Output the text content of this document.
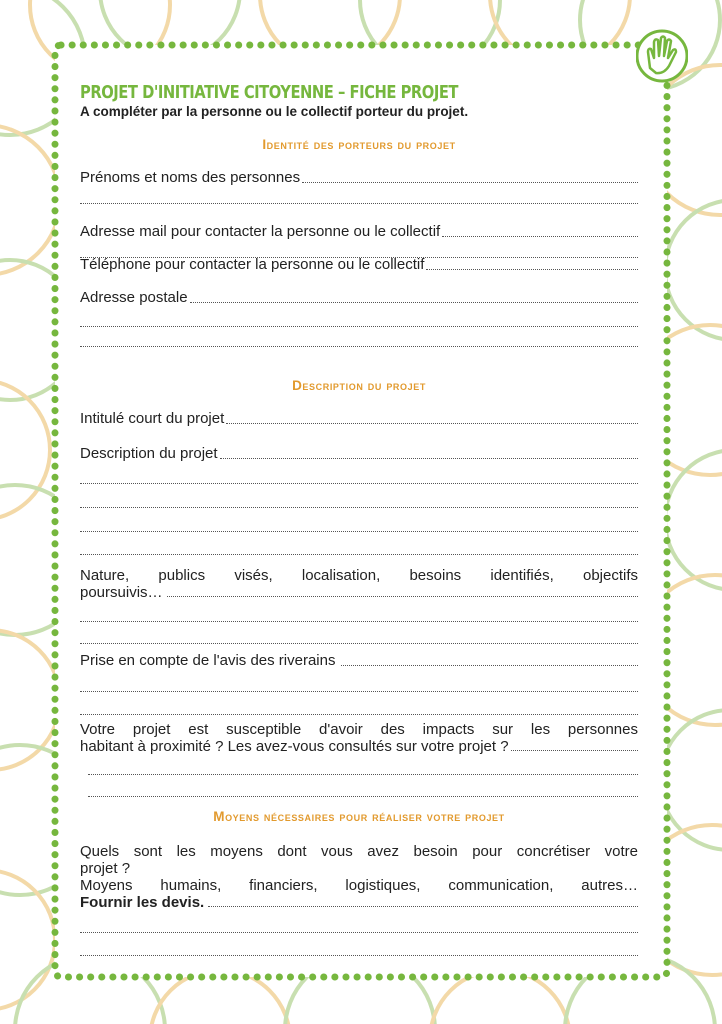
PROJET D'INITIATIVE CITOYENNE – FICHE PROJET
A compléter par la personne ou le collectif porteur du projet.
Identité des porteurs du projet
Prénoms et noms des personnes
Adresse mail pour contacter la personne ou le collectif
Téléphone pour contacter la personne ou le collectif
Adresse postale
Description du projet
Intitulé court du projet
Description du projet
Nature, publics visés, localisation, besoins identifiés, objectifs
poursuivis…
Prise en compte de l'avis des riverains
Votre projet est susceptible d'avoir des impacts sur les personnes
habitant à proximité ? Les avez-vous consultés sur votre projet ?
Moyens nécessaires pour réaliser votre projet
Quels sont les moyens dont vous avez besoin pour concrétiser votre
projet ?
Moyens humains, financiers, logistiques, communication, autres…
Fournir les devis.
